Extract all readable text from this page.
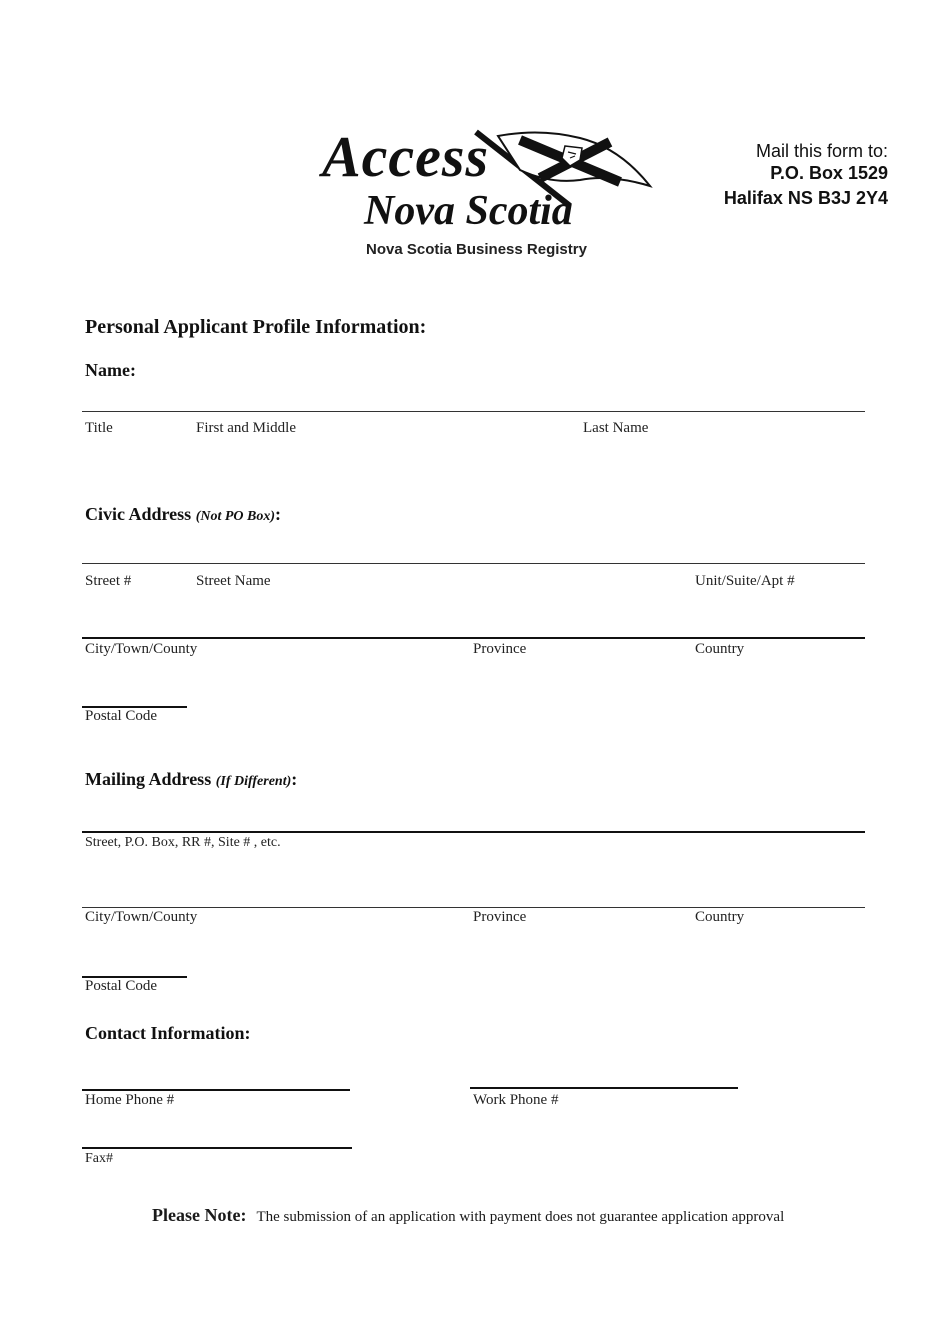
Access
Nova Scotia
Nova Scotia Business Registry
Mail this form to:
P.O. Box 1529
Halifax NS B3J 2Y4
Personal Applicant Profile Information:
Name:
Title	First and Middle	Last Name
Civic Address (Not PO Box):
Street #	Street Name	Unit/Suite/Apt #
City/Town/County	Province	Country
Postal Code
Mailing Address (If Different):
Street, P.O. Box, RR #, Site # , etc.
City/Town/County	Province	Country
Postal Code
Contact Information:
Home Phone #	Work Phone #
Fax#
Please Note: The submission of an application with payment does not guarantee application approval
